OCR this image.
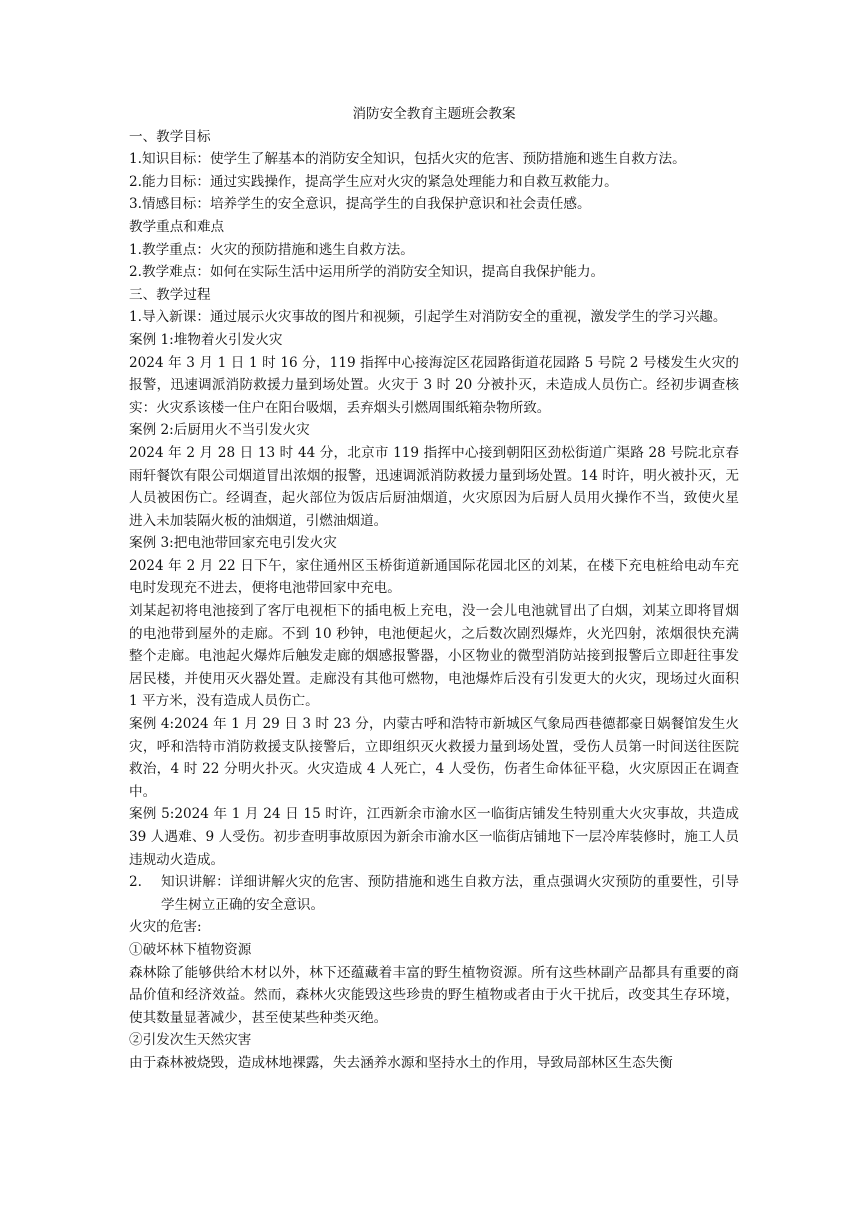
消防安全教育主题班会教案

一、教学目标

1.知识目标：使学生了解基本的消防安全知识，包括火灾的危害、预防措施和逃生自救方法。

2.能力目标：通过实践操作，提高学生应对火灾的紧急处理能力和自救互救能力。

3.情感目标：培养学生的安全意识，提高学生的自我保护意识和社会责任感。

教学重点和难点

1.教学重点：火灾的预防措施和逃生自救方法。

2.教学难点：如何在实际生活中运用所学的消防安全知识，提高自我保护能力。

三、教学过程

1.导入新课：通过展示火灾事故的图片和视频，引起学生对消防安全的重视，激发学生的学习兴趣。

案例 1:堆物着火引发火灾

2024 年 3 月 1 日 1 时 16 分，119 指挥中心接海淀区花园路街道花园路 5 号院 2 号楼发生火灾的报警，迅速调派消防救援力量到场处置。火灾于 3 时 20 分被扑灭，未造成人员伤亡。经初步调查核实：火灾系该楼一住户在阳台吸烟，丢弃烟头引燃周围纸箱杂物所致。

案例 2:后厨用火不当引发火灾

2024 年 2 月 28 日 13 时 44 分，北京市 119 指挥中心接到朝阳区劲松街道广渠路 28 号院北京春雨轩餐饮有限公司烟道冒出浓烟的报警，迅速调派消防救援力量到场处置。14 时许，明火被扑灭，无人员被困伤亡。经调查，起火部位为饭店后厨油烟道，火灾原因为后厨人员用火操作不当，致使火星进入未加装隔火板的油烟道，引燃油烟道。

案例 3:把电池带回家充电引发火灾

2024 年 2 月 22 日下午，家住通州区玉桥街道新通国际花园北区的刘某，在楼下充电桩给电动车充电时发现充不进去，便将电池带回家中充电。

刘某起初将电池接到了客厅电视柜下的插电板上充电，没一会儿电池就冒出了白烟，刘某立即将冒烟的电池带到屋外的走廊。不到 10 秒钟，电池便起火，之后数次剧烈爆炸，火光四射，浓烟很快充满整个走廊。电池起火爆炸后触发走廊的烟感报警器，小区物业的微型消防站接到报警后立即赶往事发居民楼，并使用灭火器处置。走廊没有其他可燃物，电池爆炸后没有引发更大的火灾，现场过火面积 1 平方米，没有造成人员伤亡。

案例 4:2024 年 1 月 29 日 3 时 23 分，内蒙古呼和浩特市新城区气象局西巷德都豪日娲餐馆发生火灾，呼和浩特市消防救援支队接警后，立即组织灭火救援力量到场处置，受伤人员第一时间送往医院救治，4 时 22 分明火扑灭。火灾造成 4 人死亡，4 人受伤，伤者生命体征平稳，火灾原因正在调查中。

案例 5:2024 年 1 月 24 日 15 时许，江西新余市渝水区一临街店铺发生特别重大火灾事故，共造成 39 人遇难、9 人受伤。初步查明事故原因为新余市渝水区一临街店铺地下一层冷库装修时，施工人员违规动火造成。

2.	知识讲解：详细讲解火灾的危害、预防措施和逃生自救方法，重点强调火灾预防的重要性，引导学生树立正确的安全意识。

火灾的危害:

①破坏林下植物资源

森林除了能够供给木材以外，林下还蕴藏着丰富的野生植物资源。所有这些林副产品都具有重要的商品价值和经济效益。然而，森林火灾能毁这些珍贵的野生植物或者由于火干扰后，改变其生存环境，使其数量显著减少，甚至使某些种类灭绝。

②引发次生天然灾害

由于森林被烧毁，造成林地裸露，失去涵养水源和坚持水土的作用，导致局部林区生态失衡
